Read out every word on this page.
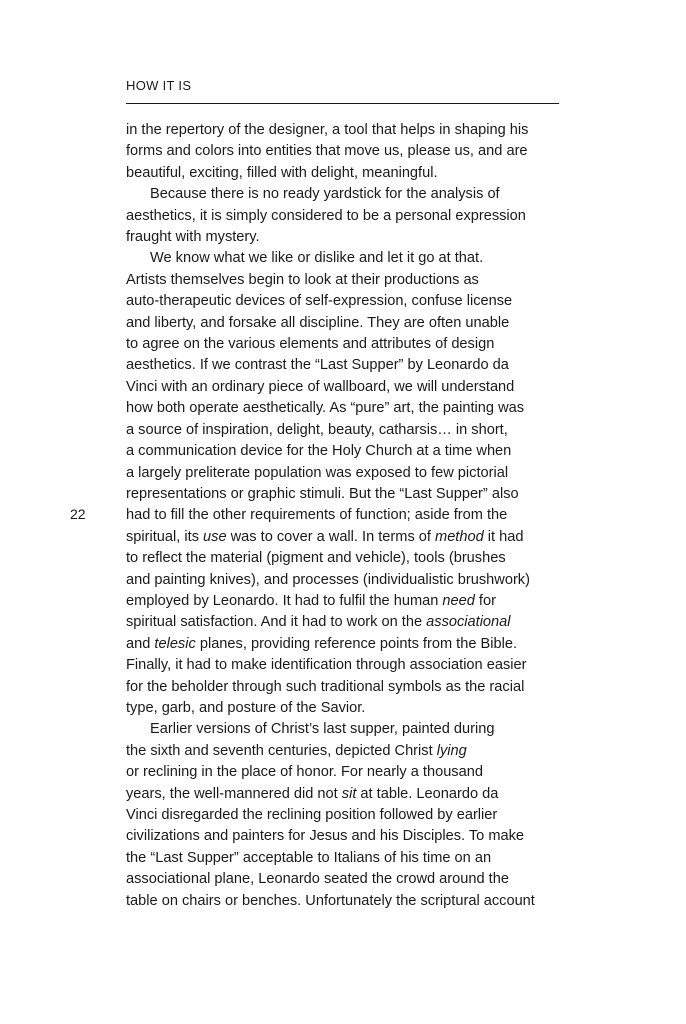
HOW IT IS
22
in the repertory of the designer, a tool that helps in shaping his
forms and colors into entities that move us, please us, and are
beautiful, exciting, filled with delight, meaningful.
Because there is no ready yardstick for the analysis of
aesthetics, it is simply considered to be a personal expression
fraught with mystery.
We know what we like or dislike and let it go at that.
Artists themselves begin to look at their productions as
auto-therapeutic devices of self-expression, confuse license
and liberty, and forsake all discipline. They are often unable
to agree on the various elements and attributes of design
aesthetics. If we contrast the “Last Supper” by Leonardo da
Vinci with an ordinary piece of wallboard, we will understand
how both operate aesthetically. As “pure” art, the painting was
a source of inspiration, delight, beauty, catharsis… in short,
a communication device for the Holy Church at a time when
a largely preliterate population was exposed to few pictorial
representations or graphic stimuli. But the “Last Supper” also
had to fill the other requirements of function; aside from the
spiritual, its use was to cover a wall. In terms of method it had
to reflect the material (pigment and vehicle), tools (brushes
and painting knives), and processes (individualistic brushwork)
employed by Leonardo. It had to fulfil the human need for
spiritual satisfaction. And it had to work on the associational
and telesic planes, providing reference points from the Bible.
Finally, it had to make identification through association easier
for the beholder through such traditional symbols as the racial
type, garb, and posture of the Savior.
Earlier versions of Christ’s last supper, painted during
the sixth and seventh centuries, depicted Christ lying
or reclining in the place of honor. For nearly a thousand
years, the well-mannered did not sit at table. Leonardo da
Vinci disregarded the reclining position followed by earlier
civilizations and painters for Jesus and his Disciples. To make
the “Last Supper” acceptable to Italians of his time on an
associational plane, Leonardo seated the crowd around the
table on chairs or benches. Unfortunately the scriptural account
